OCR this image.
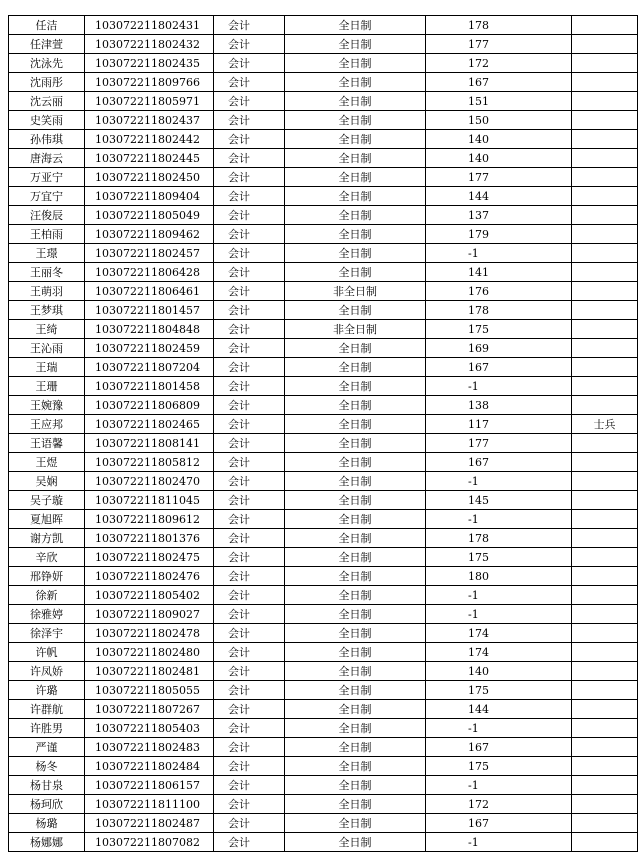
任洁	103072211802431	会计	全日制	178	
任津萱	103072211802432	会计	全日制	177	
沈泳先	103072211802435	会计	全日制	172	
沈雨彤	103072211809766	会计	全日制	167	
沈云丽	103072211805971	会计	全日制	151	
史笑雨	103072211802437	会计	全日制	150	
孙伟琪	103072211802442	会计	全日制	140	
唐海云	103072211802445	会计	全日制	140	
万亚宁	103072211802450	会计	全日制	177	
万宜宁	103072211809404	会计	全日制	144	
汪俊辰	103072211805049	会计	全日制	137	
王柏雨	103072211809462	会计	全日制	179	
王璟	103072211802457	会计	全日制	-1	
王丽冬	103072211806428	会计	全日制	141	
王萌羽	103072211806461	会计	非全日制	176	
王梦琪	103072211801457	会计	全日制	178	
王绮	103072211804848	会计	非全日制	175	
王沁雨	103072211802459	会计	全日制	169	
王瑞	103072211807204	会计	全日制	167	
王珊	103072211801458	会计	全日制	-1	
王婉豫	103072211806809	会计	全日制	138	
王应邦	103072211802465	会计	全日制	117	士兵
王语馨	103072211808141	会计	全日制	177	
王煜	103072211805812	会计	全日制	167	
吴娴	103072211802470	会计	全日制	-1	
吴子璇	103072211811045	会计	全日制	145	
夏旭晖	103072211809612	会计	全日制	-1	
谢方凯	103072211801376	会计	全日制	178	
辛欣	103072211802475	会计	全日制	175	
邢铮妍	103072211802476	会计	全日制	180	
徐新	103072211805402	会计	全日制	-1	
徐雅婷	103072211809027	会计	全日制	-1	
徐泽宇	103072211802478	会计	全日制	174	
许帆	103072211802480	会计	全日制	174	
许凤娇	103072211802481	会计	全日制	140	
许璐	103072211805055	会计	全日制	175	
许群航	103072211807267	会计	全日制	144	
许胜男	103072211805403	会计	全日制	-1	
严谨	103072211802483	会计	全日制	167	
杨冬	103072211802484	会计	全日制	175	
杨甘泉	103072211806157	会计	全日制	-1	
杨珂欣	103072211811100	会计	全日制	172	
杨璐	103072211802487	会计	全日制	167	
杨娜娜	103072211807082	会计	全日制	-1	
